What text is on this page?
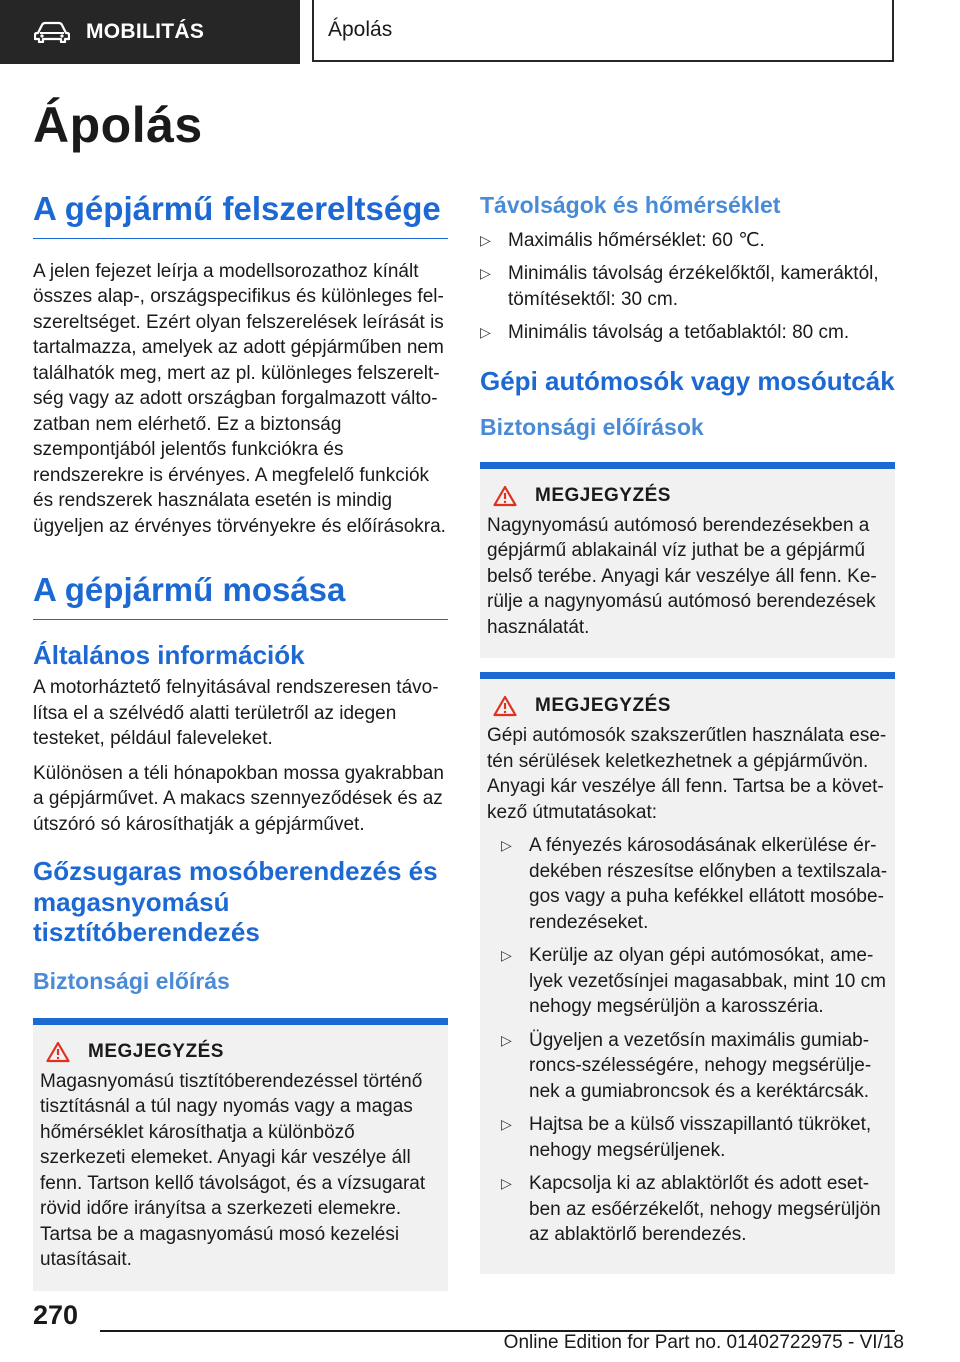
MOBILITÁS	Ápolás
Ápolás
A gépjármű felszereltsége

A jelen fejezet leírja a modellsorozathoz kínált összes alap-, országspecifikus és különleges felszereltséget. Ezért olyan felszerelések leírását is tartalmazza, amelyek az adott gépjárműben nem találhatók meg, mert az pl. különleges felszereltség vagy az adott országban forgalmazott változatban nem elérhető. Ez a biztonság szempontjából jelentős funkciókra és rendszerekre is érvényes. A megfelelő funkciók és rendszerek használata esetén is mindig ügyeljen az érvényes törvényekre és előírásokra.

A gépjármű mosása
Általános információk

A motorháztető felnyitásával rendszeresen távolítsa el a szélvédő alatti területről az idegen testeket, például faleveleket.

Különösen a téli hónapokban mossa gyakrabban a gépjárművet. A makacs szennyeződések és az útszóró só károsíthatják a gépjárművet.

Gőzsugaras mosóberendezés és magasnyomású tisztítóberendezés
Biztonsági előírás
MEGJEGYZÉS

Magasnyomású tisztítóberendezéssel történő tisztításnál a túl nagy nyomás vagy a magas hőmérséklet károsíthatja a különböző szerkezeti elemeket. Anyagi kár veszélye áll fenn. Tartson kellő távolságot, és a vízsugarat rövid időre irányítsa a szerkezeti elemekre. Tartsa be a magasnyomású mosó kezelési utasításait.

Távolságok és hőmérséklet
▷ Maximális hőmérséklet: 60 ℃.
▷ Minimális távolság érzékelőktől, kameráktól, tömítésektől: 30 cm.
▷ Minimális távolság a tetőablaktól: 80 cm.
Gépi autómosók vagy mosóutcák
Biztonsági előírások
MEGJEGYZÉS

Nagynyomású autómosó berendezésekben a gépjármű ablakainál víz juthat be a gépjármű belső terébe. Anyagi kár veszélye áll fenn. Kerülje a nagynyomású autómosó berendezések használatát.

MEGJEGYZÉS

Gépi autómosók szakszerűtlen használata esetén sérülések keletkezhetnek a gépjárművön. Anyagi kár veszélye áll fenn. Tartsa be a következő útmutatásokat:

▷ A fényezés károsodásának elkerülése érdekében részesítse előnyben a textilszalagos vagy a puha kefékkel ellátott mosóberendezéseket.
▷ Kerülje az olyan gépi autómosókat, amelyek vezetősínjei magasabbak, mint 10 cm nehogy megsérüljön a karosszéria.
▷ Ügyeljen a vezetősín maximális gumiabroncs-szélességére, nehogy megsérüljenek a gumiabroncsok és a keréktárcsák.
▷ Hajtsa be a külső visszapillantó tükröket, nehogy megsérüljenek.
▷ Kapcsolja ki az ablaktörlőt és adott esetben az esőérzékelőt, nehogy megsérüljön az ablaktörlő berendezés.
270
Online Edition for Part no. 01402722975 - VI/18
